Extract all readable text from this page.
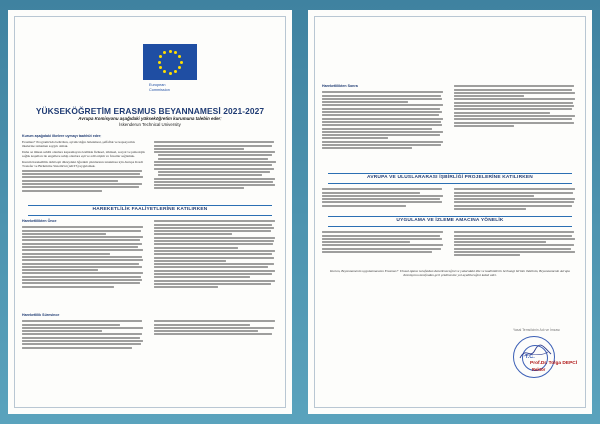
European
Commission
YÜKSEKÖĞRETİM ERASMUS BEYANNAMESİ 2021-2027
Avrupa Komisyonu aşağıdaki yükseköğretim kurumuna talebin ederː
İskenderun Technical University
Kurum aşağıdaki ilkelere uymayı taahhüt ederː

Erasmus+ Programı'nda belirtilen, ayrımcılığın önlenmesi, şeffaflık ve kapsayıcılık ilkelerine tamamen saygılı olmak.

Daha az imkan sahibi olanlara kapsamayan özellikle fiziksel, zihinsel, sosyal ve psikolojik sağlık koşulları ile engellere sahip olanlara eşit ve adil erişim ve fırsatlar sağlamak.

Kurum hareketlilik dahil eşit düzeydeki öğrenim çıktılarının tanınması için Avrupa Kredi Transfer ve Biriktirme Sistemi'ni (AKTS) uygulamak.

HAREKETLİLİK FAALİYETLERİNE KATILIRKEN
Hareketlilikten Önce
Hareketlilik Süresince
Hareketlilikten Sonra
AVRUPA VE ULUSLARARASI İŞBİRLİĞİ PROJELERİNE KATILIRKEN
UYGULAMA VE İZLEME AMACINA YÖNELİK
Kurum, Beyannamenin uygulanmasının Erasmus+ Ulusal Ajansı tarafından denetleneceğini ve yukarıdaki ilke ve taahhütlerin herhangi birinin ihlalinin, Beyannamenin Avrupa Komisyonu tarafından geri çekilmesine yol açabileceğini kabul eder.
Yasal Temsilcinin Adı ve İmzası
T.C.
Prof.Dr. Tolga DEPCİ
Rektör
